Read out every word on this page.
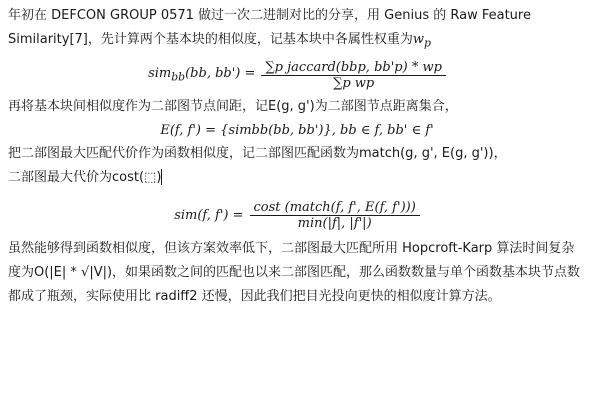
年初在 DEFCON GROUP 0571 做过一次二进制对比的分享，用 Genius 的 Raw Feature Similarity[7]，先计算两个基本块的相似度，记基本块中各属性权重为$w_p$

sim$_{bb}$(bb, $bb') = \frac{\text{∑p jaccard(bbp, bb'p) * wp}}{\text{∑p wp}}$

再将基本块间相似度作为二部图节点间距，记E(g, g')为二部图节点距离集合，

E(f, f') = {simbb(bb, bb')}, bb ∈ f, bb' ∈ f'

把二部图最大匹配代价作为函数相似度，记二部图匹配函数为match(g, g', E(g, g'))，
二部图最大代价为cost(⬚)

sim(f, $f') = \frac{\text{cost (match(f, f', E(f, f')))}}{\min(|f|, |f'|)}$

虽然能够得到函数相似度，但该方案效率低下，二部图最大匹配所用 Hopcroft-Karp 算法时间复杂度为O(|E| * √|V|)，如果函数之间的匹配也以来二部图匹配，那么函数数量与单个函数基本块节点数都成了瓶颈，实际使用比 radiff2 还慢，因此我们把目光投向更快的相似度计算方法。
